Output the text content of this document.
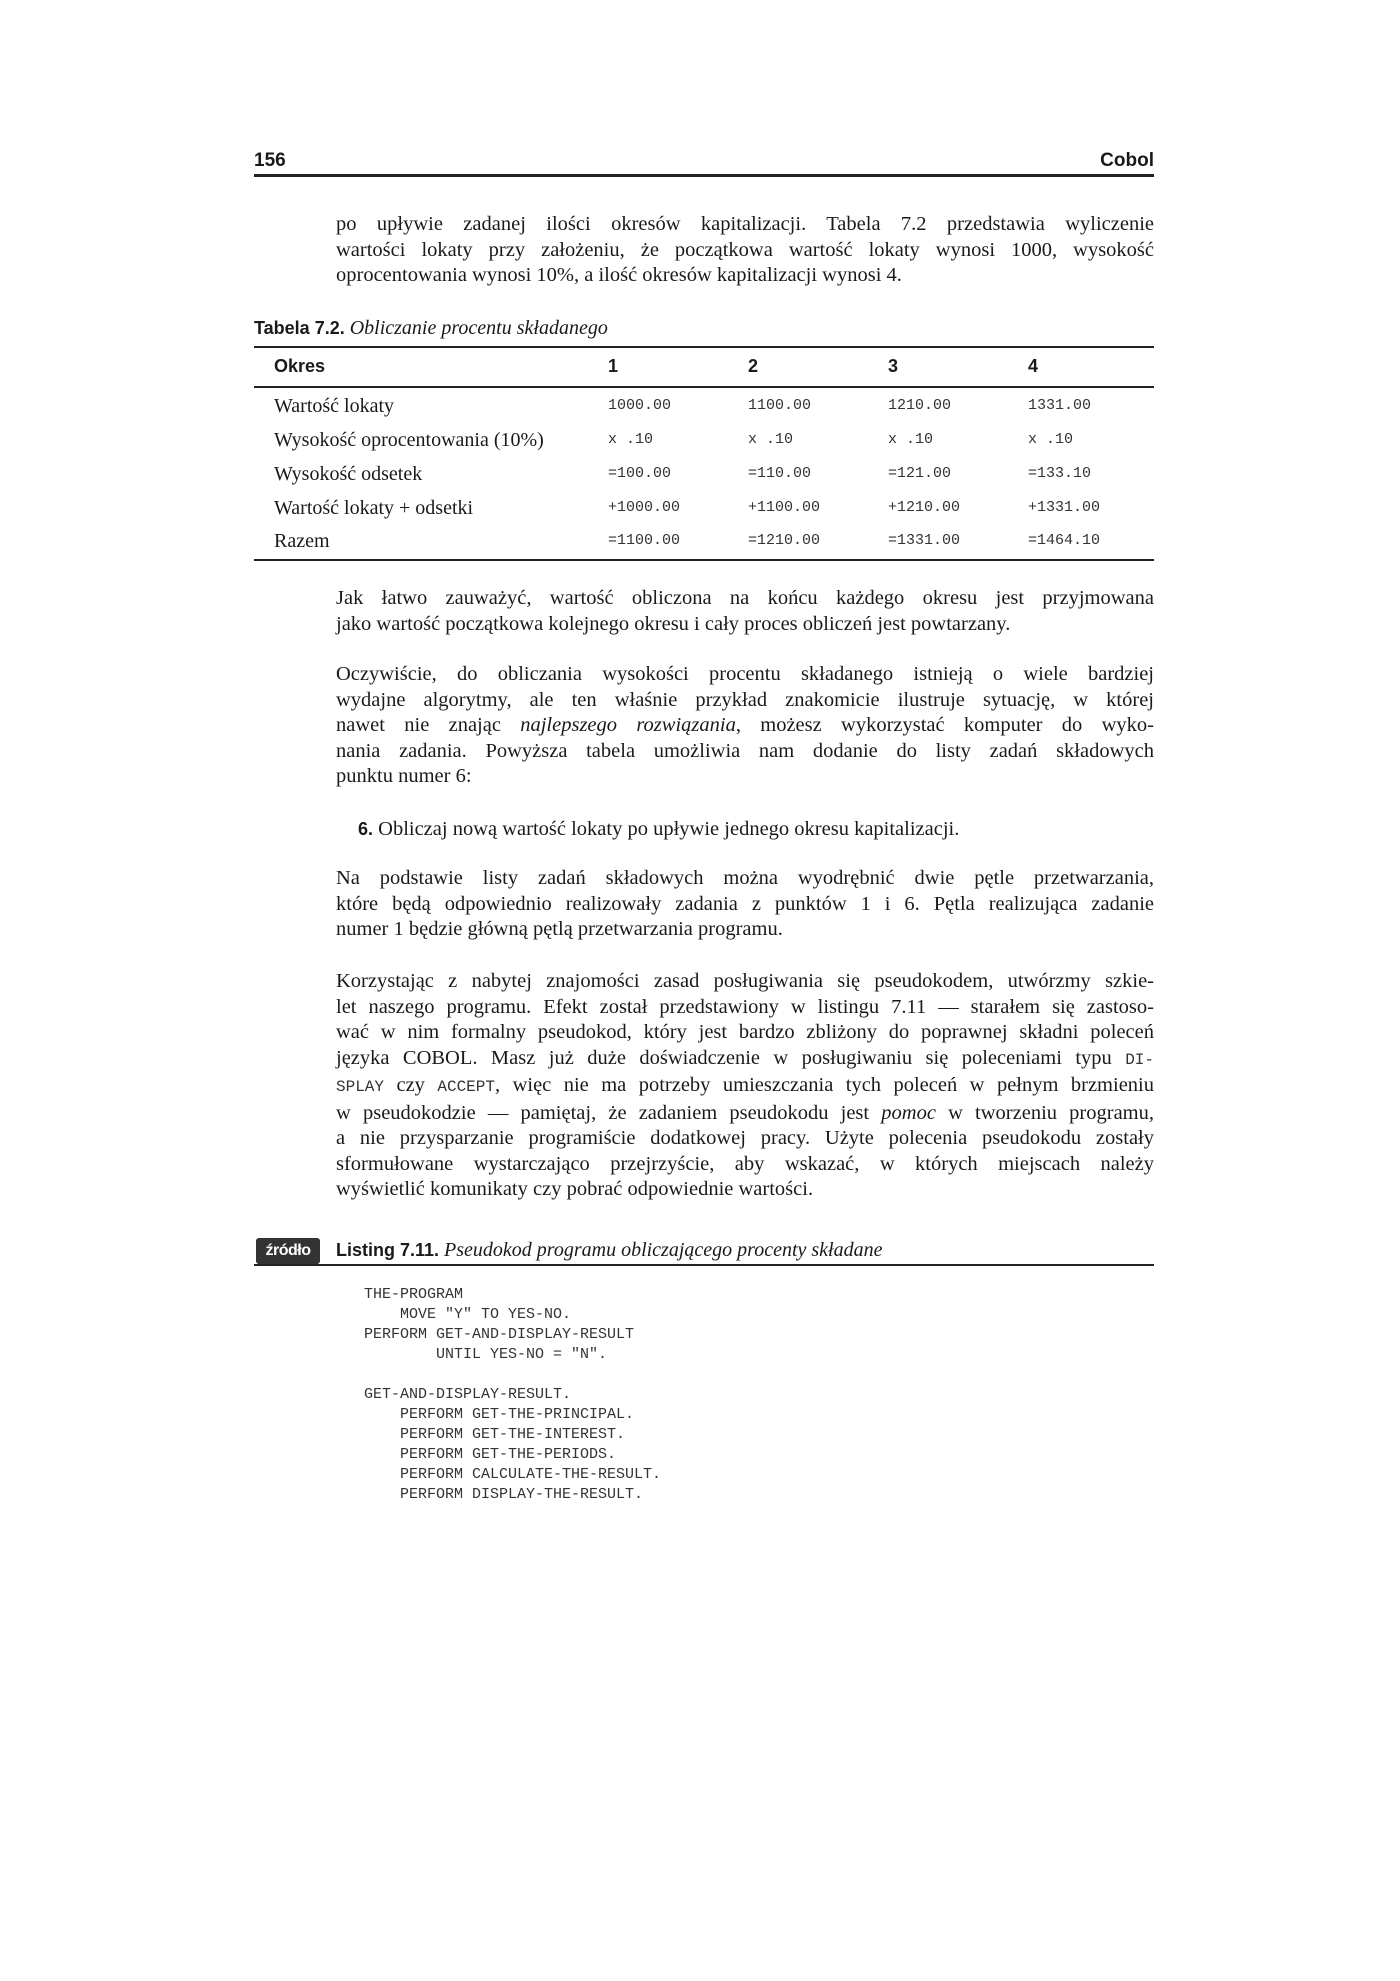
156	Cobol
po upływie zadanej ilości okresów kapitalizacji. Tabela 7.2 przedstawia wyliczenie
wartości lokaty przy założeniu, że początkowa wartość lokaty wynosi 1000, wysokość
oprocentowania wynosi 10%, a ilość okresów kapitalizacji wynosi 4.
Tabela 7.2. Obliczanie procentu składanego
Okres	1	2	3	4
Wartość lokaty	1000.00	1100.00	1210.00	1331.00
Wysokość oprocentowania (10%)	x .10	x .10	x .10	x .10
Wysokość odsetek	=100.00	=110.00	=121.00	=133.10
Wartość lokaty + odsetki	+1000.00	+1100.00	+1210.00	+1331.00
Razem	=1100.00	=1210.00	=1331.00	=1464.10
Jak łatwo zauważyć, wartość obliczona na końcu każdego okresu jest przyjmowana
jako wartość początkowa kolejnego okresu i cały proces obliczeń jest powtarzany.
Oczywiście, do obliczania wysokości procentu składanego istnieją o wiele bardziej
wydajne algorytmy, ale ten właśnie przykład znakomicie ilustruje sytuację, w której
nawet nie znając najlepszego rozwiązania, możesz wykorzystać komputer do wyko-
nania zadania. Powyższa tabela umożliwia nam dodanie do listy zadań składowych
punktu numer 6:
6. Obliczaj nową wartość lokaty po upływie jednego okresu kapitalizacji.
Na podstawie listy zadań składowych można wyodrębnić dwie pętle przetwarzania,
które będą odpowiednio realizowały zadania z punktów 1 i 6. Pętla realizująca zadanie
numer 1 będzie główną pętlą przetwarzania programu.
Korzystając z nabytej znajomości zasad posługiwania się pseudokodem, utwórzmy szkie-
let naszego programu. Efekt został przedstawiony w listingu 7.11 — starałem się zastoso-
wać w nim formalny pseudokod, który jest bardzo zbliżony do poprawnej składni poleceń
języka COBOL. Masz już duże doświadczenie w posługiwaniu się poleceniami typu DI-
SPLAY czy ACCEPT, więc nie ma potrzeby umieszczania tych poleceń w pełnym brzmieniu
w pseudokodzie — pamiętaj, że zadaniem pseudokodu jest pomoc w tworzeniu programu,
a nie przysparzanie programiście dodatkowej pracy. Użyte polecenia pseudokodu zostały
sformułowane wystarczająco przejrzyście, aby wskazać, w których miejscach należy
wyświetlić komunikaty czy pobrać odpowiednie wartości.
źródło	Listing 7.11. Pseudokod programu obliczającego procenty składane
THE-PROGRAM
MOVE "Y" TO YES-NO.
PERFORM GET-AND-DISPLAY-RESULT
UNTIL YES-NO = "N".

GET-AND-DISPLAY-RESULT.
PERFORM GET-THE-PRINCIPAL.
PERFORM GET-THE-INTEREST.
PERFORM GET-THE-PERIODS.
PERFORM CALCULATE-THE-RESULT.
PERFORM DISPLAY-THE-RESULT.
